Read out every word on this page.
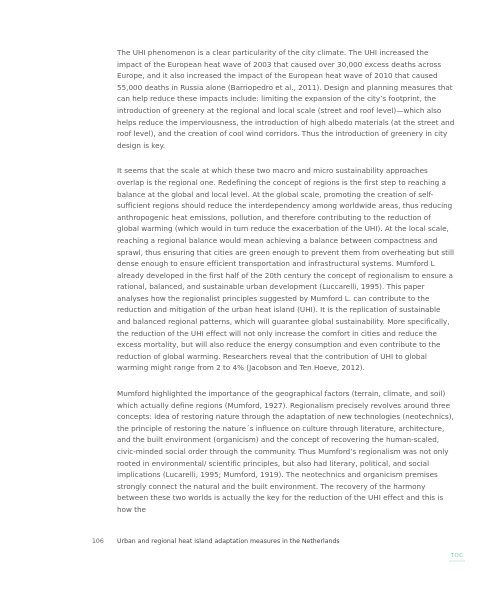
The UHI phenomenon is a clear particularity of the city climate. The UHI increased the impact of the European heat wave of 2003 that caused over 30,000 excess deaths across Europe, and it also increased the impact of the European heat wave of 2010 that caused 55,000 deaths in Russia alone (Barriopedro et al., 2011). Design and planning measures that can help reduce these impacts include: limiting the expansion of the city’s footprint, the introduction of greenery at the regional and local scale (street and roof level)—which also helps reduce the imperviousness, the introduction of high albedo materials (at the street and roof level), and the creation of cool wind corridors. Thus the introduction of greenery in city design is key.

It seems that the scale at which these two macro and micro sustainability approaches overlap is the regional one. Redefining the concept of regions is the first step to reaching a balance at the global and local level. At the global scale, promoting the creation of self-sufficient regions should reduce the interdependency among worldwide areas, thus reducing anthropogenic heat emissions, pollution, and therefore contributing to the reduction of global warming (which would in turn reduce the exacerbation of the UHI). At the local scale, reaching a regional balance would mean achieving a balance between compactness and sprawl, thus ensuring that cities are green enough to prevent them from overheating but still dense enough to ensure efficient transportation and infrastructural systems. Mumford L already developed in the first half of the 20th century the concept of regionalism to ensure a rational, balanced, and sustainable urban development (Luccarelli, 1995). This paper analyses how the regionalist principles suggested by Mumford L. can contribute to the reduction and mitigation of the urban heat island (UHI). It is the replication of sustainable and balanced regional patterns, which will guarantee global sustainability. More specifically, the reduction of the UHI effect will not only increase the comfort in cities and reduce the excess mortality, but will also reduce the energy consumption and even contribute to the reduction of global warming. Researchers reveal that the contribution of UHI to global warming might range from 2 to 4% (Jacobson and Ten Hoeve, 2012).

Mumford highlighted the importance of the geographical factors (terrain, climate, and soil) which actually define regions (Mumford, 1927). Regionalism precisely revolves around three concepts: idea of restoring nature through the adaptation of new technologies (neotechnics), the principle of restoring the nature´s influence on culture through literature, architecture, and the built environment (organicism) and the concept of recovering the human-scaled, civic-minded social order through the community. Thus Mumford’s regionalism was not only rooted in environmental/ scientific principles, but also had literary, political, and social implications (Lucarelli, 1995; Mumford, 1919). The neotechnics and organicism premises strongly connect the natural and the built environment. The recovery of the harmony between these two worlds is actually the key for the reduction of the UHI effect and this is how the

106 Urban and regional heat island adaptation measures in the Netherlands
TOC
